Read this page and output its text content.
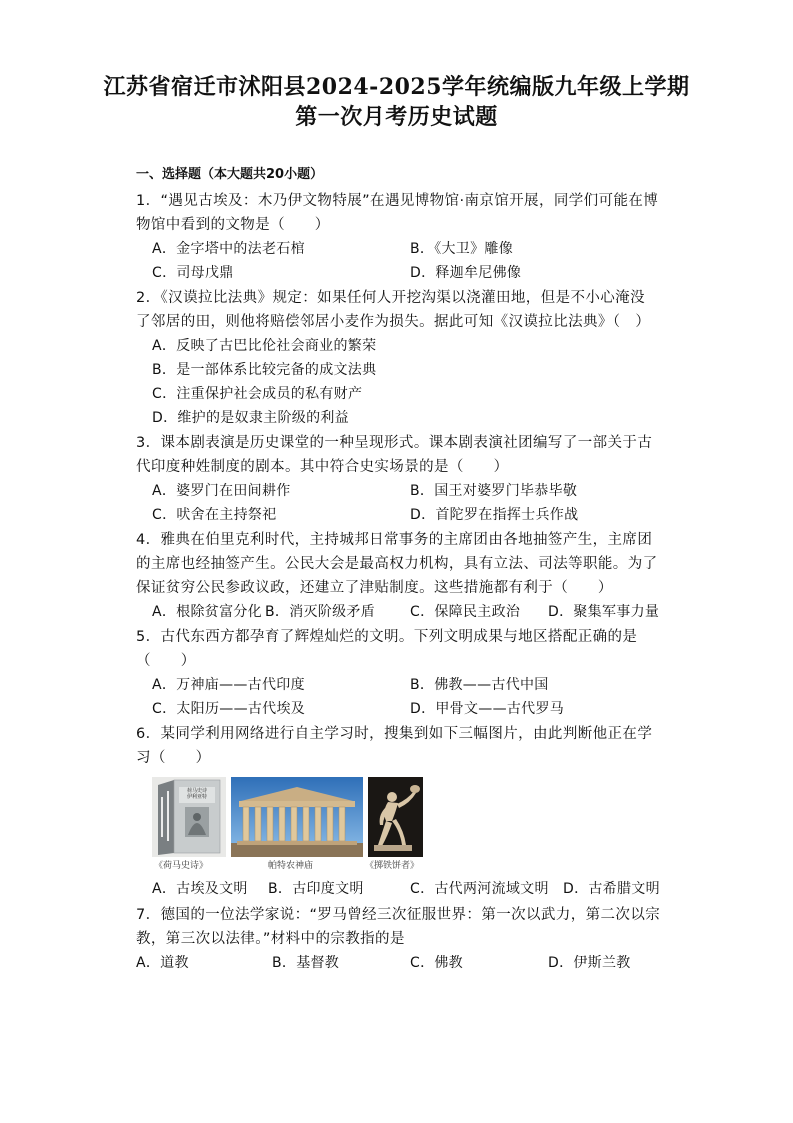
江苏省宿迁市沭阳县2024-2025学年统编版九年级上学期
第一次月考历史试题
一、选择题（本大题共20小题）
1．“遇见古埃及：木乃伊文物特展”在遇见博物馆·南京馆开展，同学们可能在博
物馆中看到的文物是（　　）
A．金字塔中的法老石棺	B．《大卫》雕像
C．司母戊鼎	D．释迦牟尼佛像
2．《汉谟拉比法典》规定：如果任何人开挖沟渠以浇灌田地，但是不小心淹没
了邻居的田，则他将赔偿邻居小麦作为损失。据此可知《汉谟拉比法典》（　）
A．反映了古巴比伦社会商业的繁荣
B．是一部体系比较完备的成文法典
C．注重保护社会成员的私有财产
D．维护的是奴隶主阶级的利益
3．课本剧表演是历史课堂的一种呈现形式。课本剧表演社团编写了一部关于古
代印度种姓制度的剧本。其中符合史实场景的是（　　）
A．婆罗门在田间耕作	B．国王对婆罗门毕恭毕敬
C．吠舍在主持祭祀	D．首陀罗在指挥士兵作战
4．雅典在伯里克利时代，主持城邦日常事务的主席团由各地抽签产生，主席团
的主席也经抽签产生。公民大会是最高权力机构，具有立法、司法等职能。为了
保证贫穷公民参政议政，还建立了津贴制度。这些措施都有利于（　　）
A．根除贫富分化 B．消灭阶级矛盾 C．保障民主政治 D．聚集军事力量
5．古代东西方都孕育了辉煌灿烂的文明。下列文明成果与地区搭配正确的是
（　　）
A．万神庙——古代印度	B．佛教——古代中国
C．太阳历——古代埃及	D．甲骨文——古代罗马
6．某同学利用网络进行自主学习时，搜集到如下三幅图片，由此判断他正在学
习（　　）
荷马史诗
伊利亚特
《荷马史诗》	帕特农神庙	《掷铁饼者》
A．古埃及文明 B．古印度文明	C．古代两河流域文明 D．古希腊文明
7．德国的一位法学家说：“罗马曾经三次征服世界：第一次以武力，第二次以宗
教，第三次以法律。”材料中的宗教指的是
A．道教	B．基督教	C．佛教	D．伊斯兰教
